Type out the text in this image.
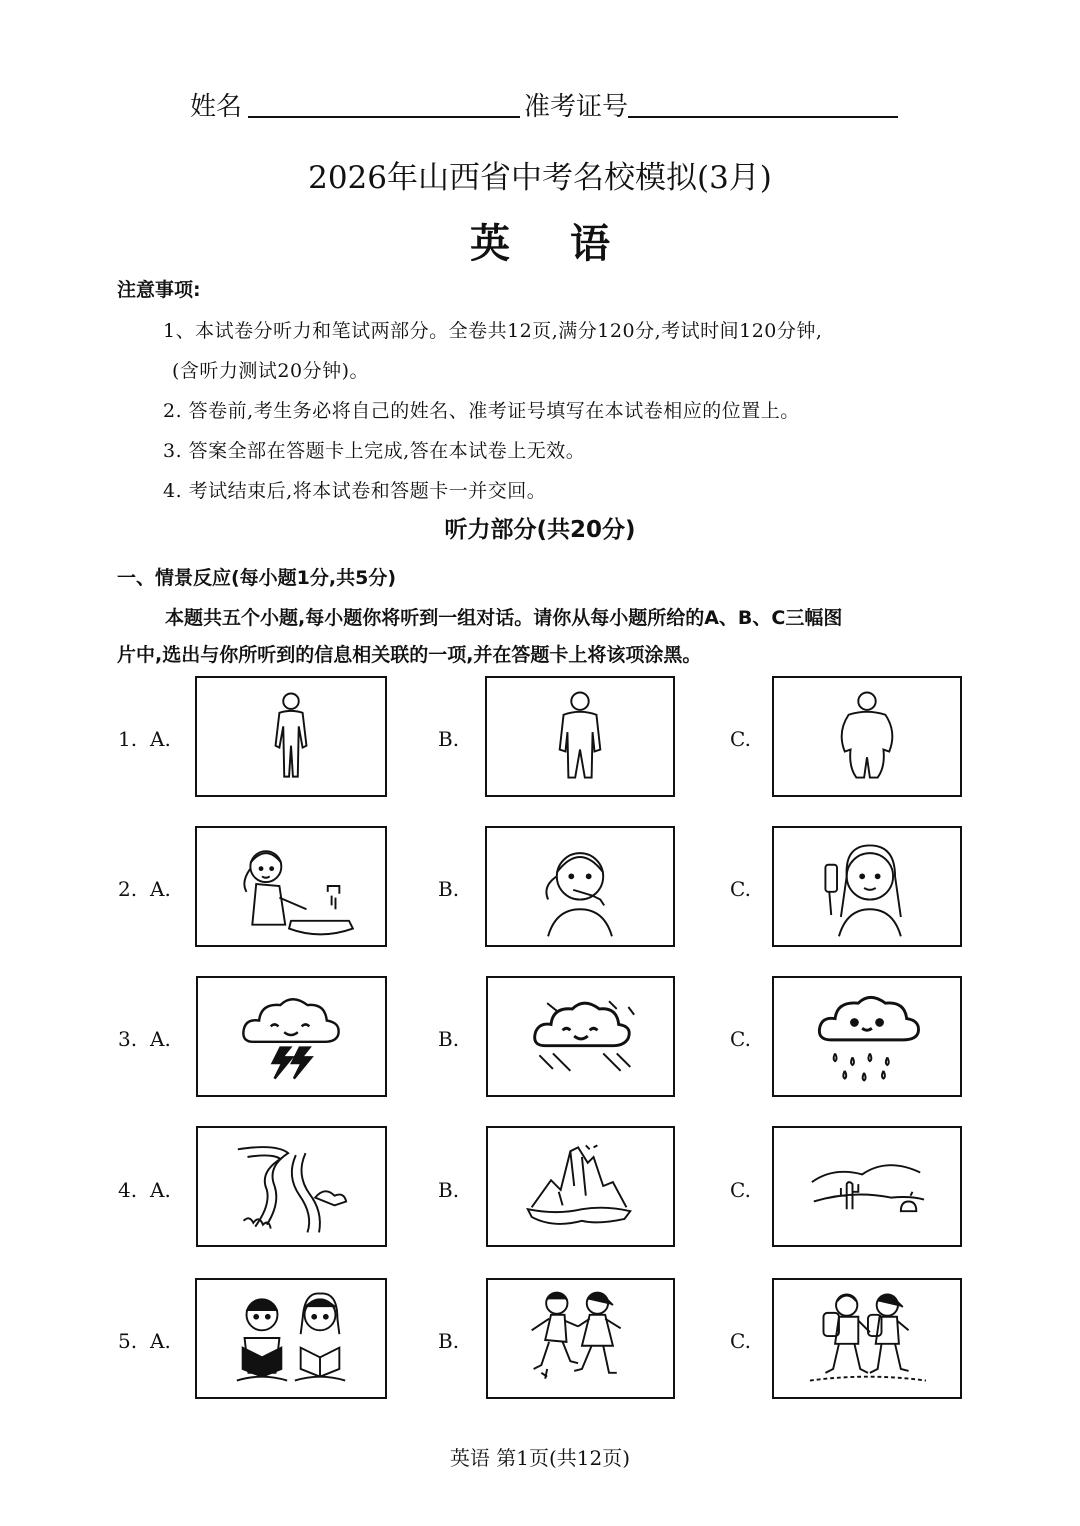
姓名	准考证号
2026年山西省中考名校模拟(3月)
英 语
注意事项:
1、本试卷分听力和笔试两部分。全卷共12页,满分120分,考试时间120分钟,
(含听力测试20分钟)。
2. 答卷前,考生务必将自己的姓名、准考证号填写在本试卷相应的位置上。
3. 答案全部在答题卡上完成,答在本试卷上无效。
4. 考试结束后,将本试卷和答题卡一并交回。
听力部分(共20分)
一、情景反应(每小题1分,共5分)
本题共五个小题,每小题你将听到一组对话。请你从每小题所给的A、B、C三幅图
片中,选出与你所听到的信息相关联的一项,并在答题卡上将该项涂黑。
1. A.	B.	C.
2. A.	B.	C.
3. A.	B.	C.
4. A.	B.	C.
5. A.	B.	C.
英语 第1页(共12页)
